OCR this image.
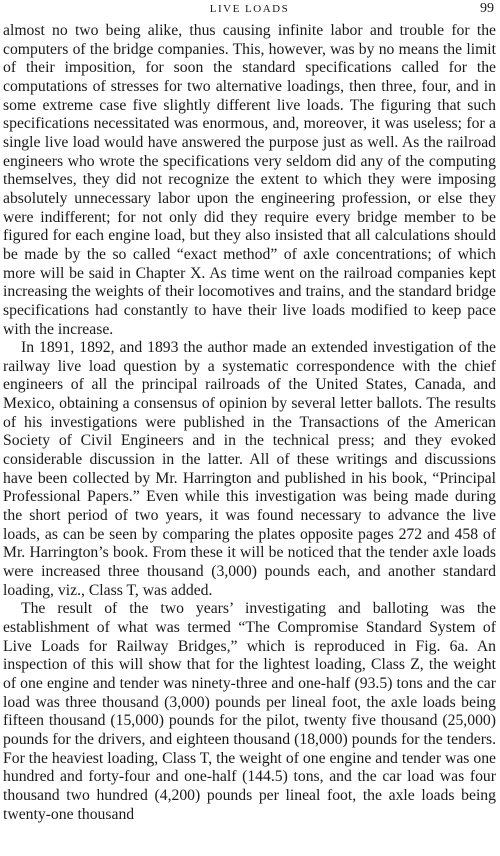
LIVE LOADS	99

almost no two being alike, thus causing infinite labor and trouble for the computers of the bridge companies. This, however, was by no means the limit of their imposition, for soon the standard specifications called for the computations of stresses for two alternative loadings, then three, four, and in some extreme case five slightly different live loads. The figuring that such specifications necessitated was enormous, and, moreover, it was useless; for a single live load would have answered the purpose just as well. As the railroad engineers who wrote the specifications very seldom did any of the computing themselves, they did not recognize the extent to which they were imposing absolutely unnecessary labor upon the engineering profession, or else they were indifferent; for not only did they require every bridge member to be figured for each engine load, but they also insisted that all calculations should be made by the so called “exact method” of axle concentrations; of which more will be said in Chapter X. As time went on the railroad companies kept increasing the weights of their locomotives and trains, and the standard bridge specifications had constantly to have their live loads modified to keep pace with the increase.

In 1891, 1892, and 1893 the author made an extended investigation of the railway live load question by a systematic correspondence with the chief engineers of all the principal railroads of the United States, Canada, and Mexico, obtaining a consensus of opinion by several letter ballots. The results of his investigations were published in the Transactions of the American Society of Civil Engineers and in the technical press; and they evoked considerable discussion in the latter. All of these writings and discussions have been collected by Mr. Harrington and published in his book, “Principal Professional Papers.” Even while this investigation was being made during the short period of two years, it was found necessary to advance the live loads, as can be seen by comparing the plates opposite pages 272 and 458 of Mr. Harrington’s book. From these it will be noticed that the tender axle loads were increased three thousand (3,000) pounds each, and another standard loading, viz., Class T, was added.

The result of the two years’ investigating and balloting was the establishment of what was termed “The Compromise Standard System of Live Loads for Railway Bridges,” which is reproduced in Fig. 6a. An inspection of this will show that for the lightest loading, Class Z, the weight of one engine and tender was ninety-three and one-half (93.5) tons and the car load was three thousand (3,000) pounds per lineal foot, the axle loads being fifteen thousand (15,000) pounds for the pilot, twenty five thousand (25,000) pounds for the drivers, and eighteen thousand (18,000) pounds for the tenders. For the heaviest loading, Class T, the weight of one engine and tender was one hundred and forty-four and one-half (144.5) tons, and the car load was four thousand two hundred (4,200) pounds per lineal foot, the axle loads being twenty-one thousand
